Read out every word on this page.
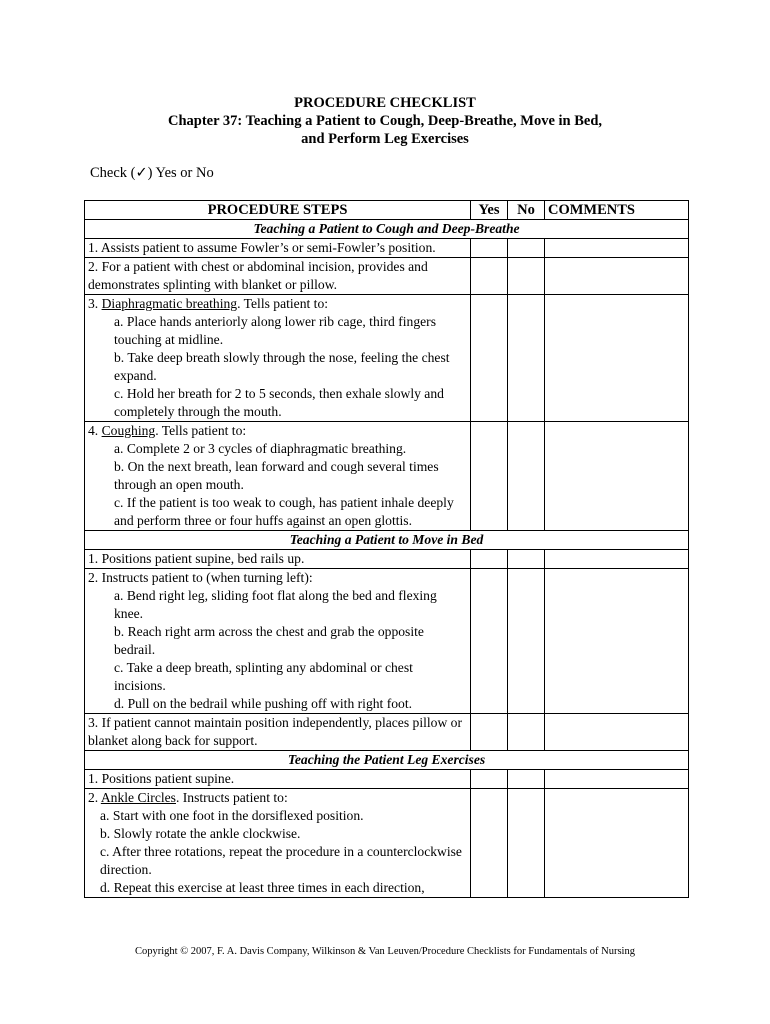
PROCEDURE CHECKLIST
Chapter 37: Teaching a Patient to Cough, Deep-Breathe, Move in Bed,
and Perform Leg Exercises
Check (✓) Yes or No
PROCEDURE STEPS	Yes	No	COMMENTS
Teaching a Patient to Cough and Deep-Breathe			

1. Assists patient to assume Fowler’s or semi-Fowler’s position.			

2. For a patient with chest or abdominal incision, provides and demonstrates splinting with blanket or pillow.			

3. Diaphragmatic breathing. Tells patient to:
a. Place hands anteriorly along lower rib cage, third fingers touching at midline.
b. Take deep breath slowly through the nose, feeling the chest expand.
c. Hold her breath for 2 to 5 seconds, then exhale slowly and completely through the mouth.			

4. Coughing. Tells patient to:
a. Complete 2 or 3 cycles of diaphragmatic breathing.
b. On the next breath, lean forward and cough several times through an open mouth.
c. If the patient is too weak to cough, has patient inhale deeply and perform three or four huffs against an open glottis.			

Teaching a Patient to Move in Bed			

1. Positions patient supine, bed rails up.			

2. Instructs patient to (when turning left):
a. Bend right leg, sliding foot flat along the bed and flexing knee.
b. Reach right arm across the chest and grab the opposite bedrail.
c. Take a deep breath, splinting any abdominal or chest incisions.
d. Pull on the bedrail while pushing off with right foot.			

3. If patient cannot maintain position independently, places pillow or blanket along back for support.			

Teaching the Patient Leg Exercises			

1. Positions patient supine.			

2. Ankle Circles. Instructs patient to:
a. Start with one foot in the dorsiflexed position.
b. Slowly rotate the ankle clockwise.
c. After three rotations, repeat the procedure in a counterclockwise direction.
d. Repeat this exercise at least three times in each direction,			

Copyright © 2007, F. A. Davis Company, Wilkinson & Van Leuven/Procedure Checklists for Fundamentals of Nursing
